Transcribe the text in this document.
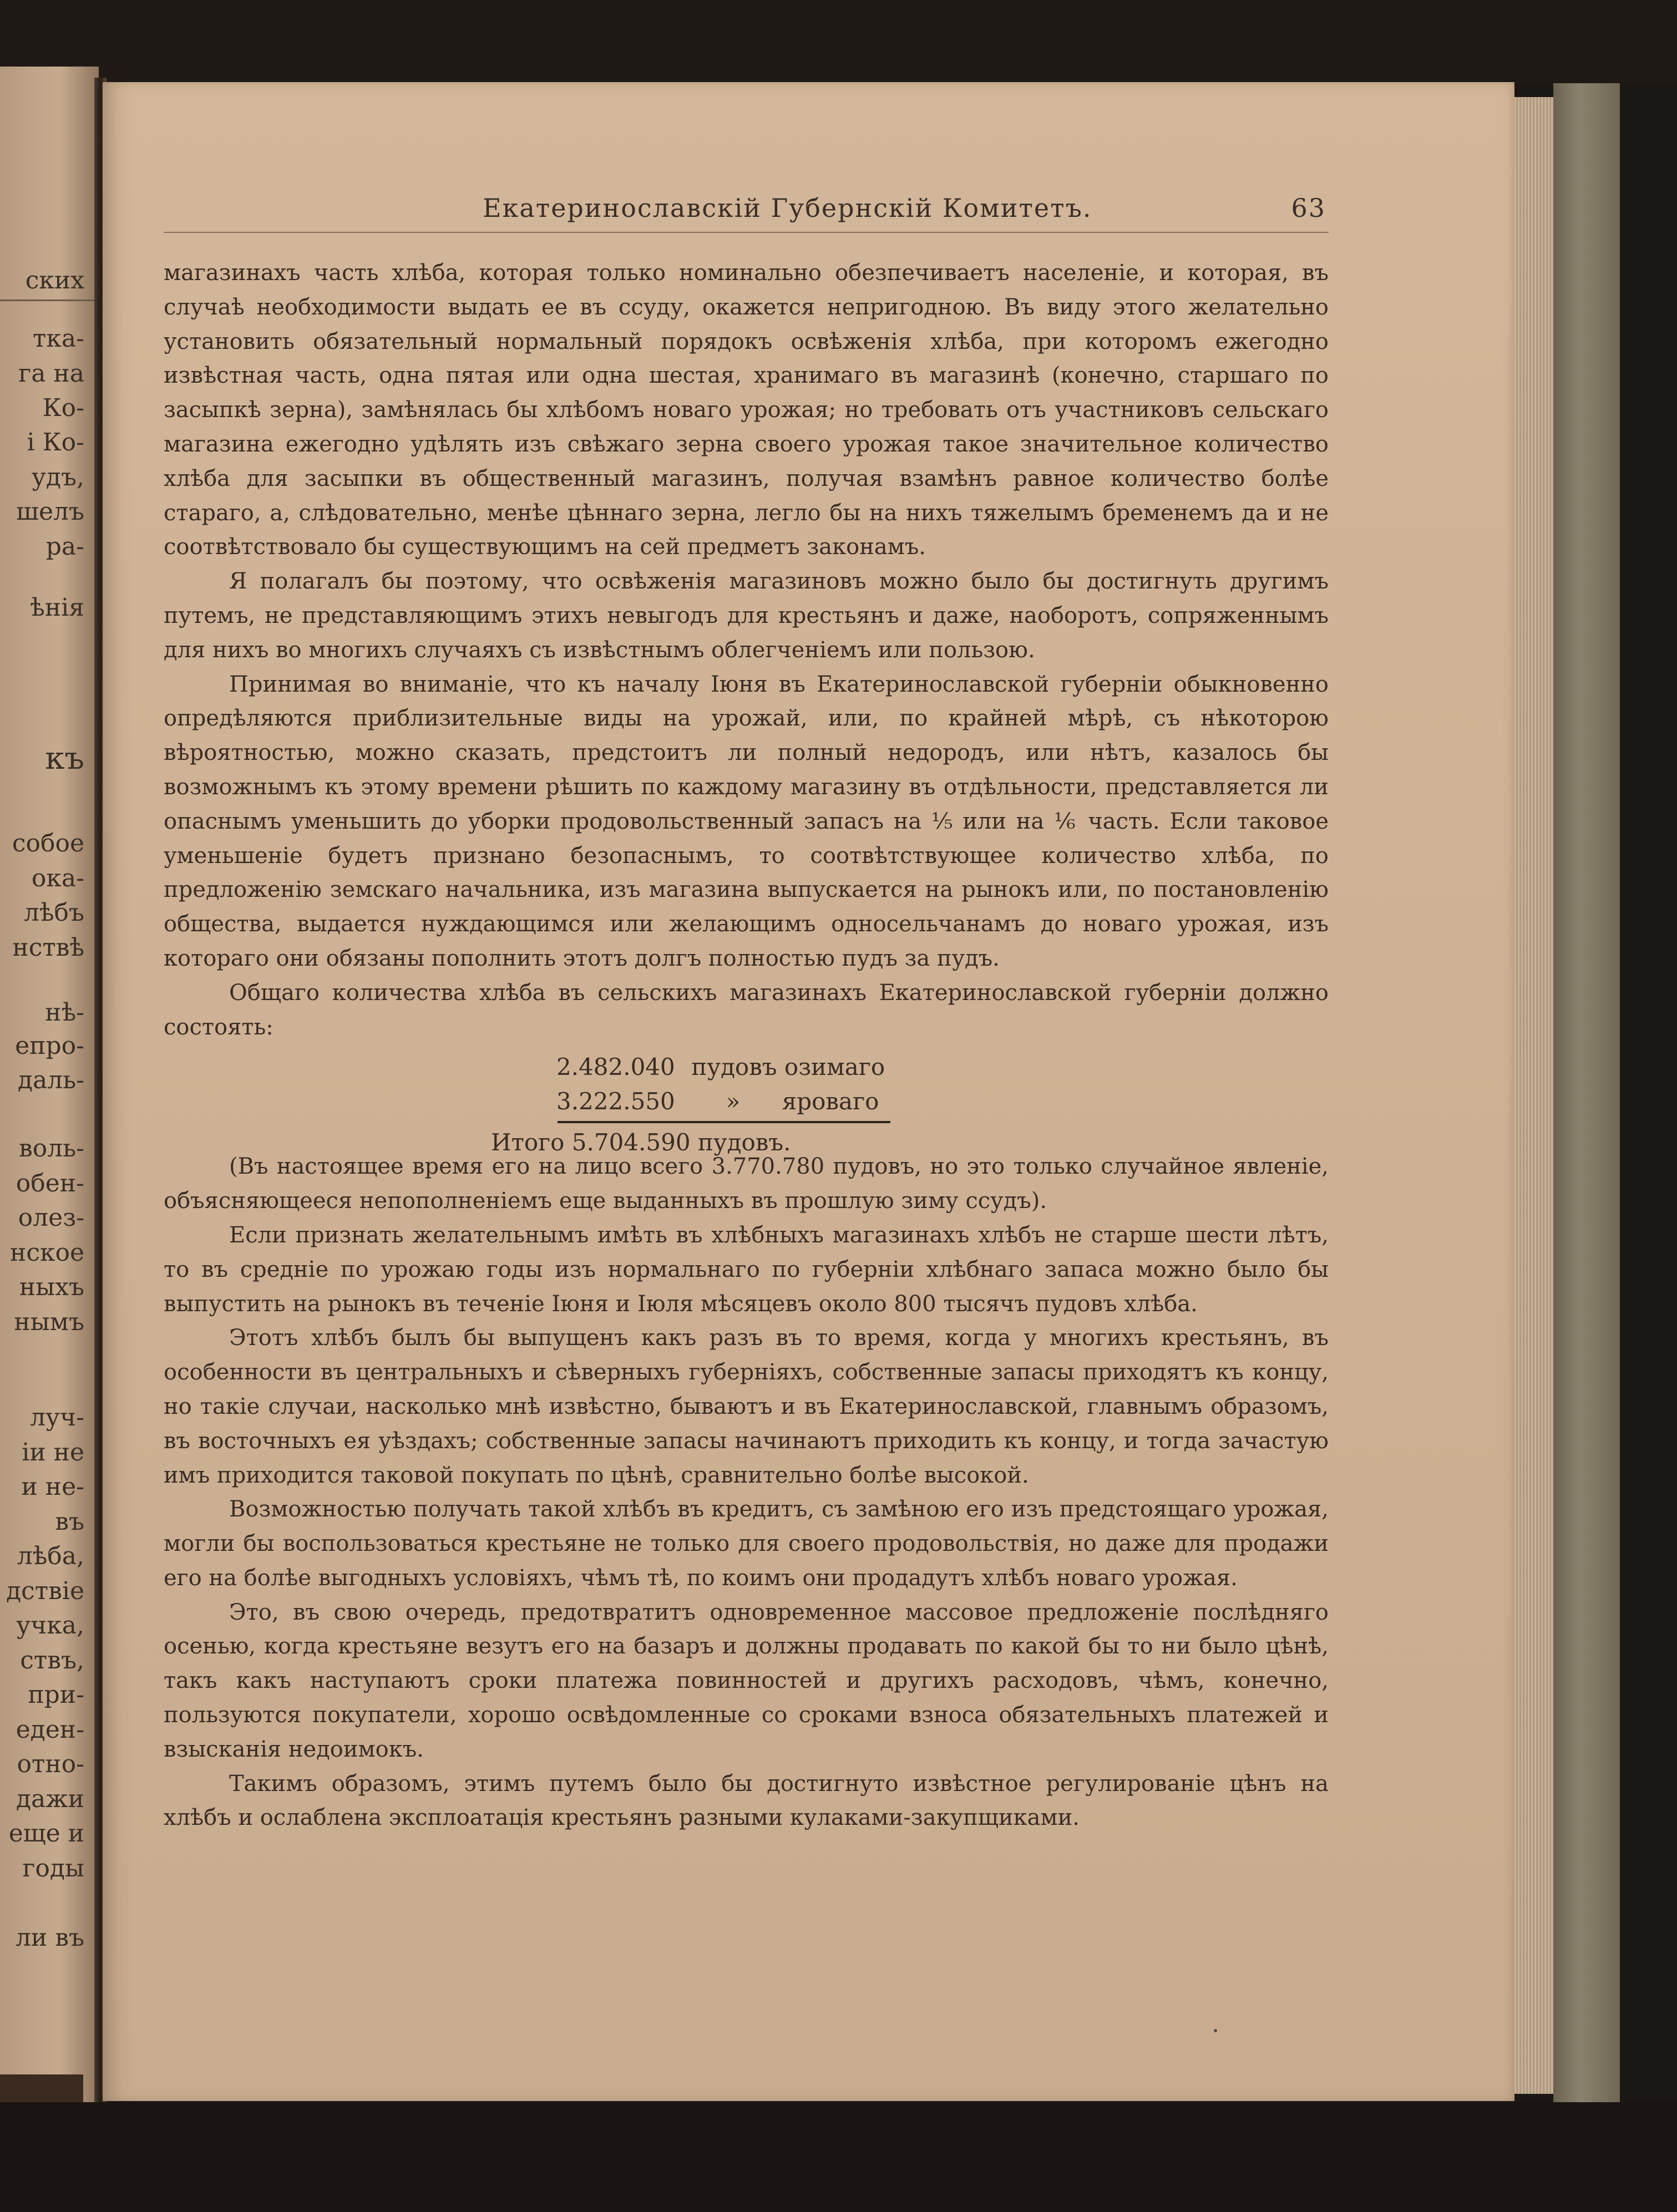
ских
тка-
га на
Ко-
і Ко-
удъ,
шелъ
ра-
ѣнія
къ
собое
ока-
лѣбъ
нствѣ
нѣ-
епро-
даль-
воль-
обен-
олез-
нское
ныхъ
нымъ
луч-
іи не
и не-
въ
лѣба,
дствіе
учка,
ствъ,
при-
еден-
отно-
дажи
еще и
годы
ли въ
Екатеринославскій Губернскій Комитетъ.	63

магазинахъ часть хлѣба, которая только номинально обезпечиваетъ населеніе, и которая, въ случаѣ необходимости выдать ее въ ссуду, окажется непригодною. Въ виду этого желательно установить обязательный нормальный порядокъ освѣженія хлѣба, при которомъ ежегодно извѣстная часть, одна пятая или одна шестая, хранимаго въ магазинѣ (конечно, старшаго по засыпкѣ зерна), замѣнялась бы хлѣбомъ новаго урожая; но требовать отъ участниковъ сельскаго магазина ежегодно удѣлять изъ свѣжаго зерна своего урожая такое значительное количество хлѣба для засыпки въ общественный магазинъ, получая взамѣнъ равное количество болѣе стараго, а, слѣдовательно, менѣе цѣннаго зерна, легло бы на нихъ тяжелымъ бременемъ да и не соотвѣтствовало бы существующимъ на сей предметъ законамъ.

Я полагалъ бы поэтому, что освѣженія магазиновъ можно было бы достигнуть другимъ путемъ, не представляющимъ этихъ невыгодъ для крестьянъ и даже, наоборотъ, сопряженнымъ для нихъ во многихъ случаяхъ съ извѣстнымъ облегченіемъ или пользою.

Принимая во вниманіе, что къ началу Іюня въ Екатеринославской губерніи обыкновенно опредѣляются приблизительные виды на урожай, или, по крайней мѣрѣ, съ нѣкоторою вѣроятностью, можно сказать, предстоитъ ли полный недородъ, или нѣтъ, казалось бы возможнымъ къ этому времени рѣшить по каждому магазину въ отдѣльности, представляется ли опаснымъ уменьшить до уборки продовольственный запасъ на ⅕ или на ⅙ часть. Если таковое уменьшеніе будетъ признано безопаснымъ, то соотвѣтствующее количество хлѣба, по предложенію земскаго начальника, изъ магазина выпускается на рынокъ или, по постановленію общества, выдается нуждающимся или желающимъ односельчанамъ до новаго урожая, изъ котораго они обязаны пополнить этотъ долгъ полностью пудъ за пудъ.

Общаго количества хлѣба въ сельскихъ магазинахъ Екатеринославской губерніи должно состоять:

2.482.040 пудовъ озимаго
3.222.550 » яроваго
Итого 5.704.590 пудовъ.

(Въ настоящее время его на лицо всего 3.770.780 пудовъ, но это только случайное явленіе, объясняющееся непополненіемъ еще выданныхъ въ прошлую зиму ссудъ).

Если признать желательнымъ имѣть въ хлѣбныхъ магазинахъ хлѣбъ не старше шести лѣтъ, то въ средніе по урожаю годы изъ нормальнаго по губерніи хлѣбнаго запаса можно было бы выпустить на рынокъ въ теченіе Іюня и Іюля мѣсяцевъ около 800 тысячъ пудовъ хлѣба.

Этотъ хлѣбъ былъ бы выпущенъ какъ разъ въ то время, когда у многихъ крестьянъ, въ особенности въ центральныхъ и сѣверныхъ губерніяхъ, собственные запасы приходятъ къ концу, но такіе случаи, насколько мнѣ извѣстно, бываютъ и въ Екатеринославской, главнымъ образомъ, въ восточныхъ ея уѣздахъ; собственные запасы начинаютъ приходить къ концу, и тогда зачастую имъ приходится таковой покупать по цѣнѣ, сравнительно болѣе высокой.

Возможностью получать такой хлѣбъ въ кредитъ, съ замѣною его изъ предстоящаго урожая, могли бы воспользоваться крестьяне не только для своего продовольствія, но даже для продажи его на болѣе выгодныхъ условіяхъ, чѣмъ тѣ, по коимъ они продадутъ хлѣбъ новаго урожая.

Это, въ свою очередь, предотвратитъ одновременное массовое предложеніе послѣдняго осенью, когда крестьяне везутъ его на базаръ и должны продавать по какой бы то ни было цѣнѣ, такъ какъ наступаютъ сроки платежа повинностей и другихъ расходовъ, чѣмъ, конечно, пользуются покупатели, хорошо освѣдомленные со сроками взноса обязательныхъ платежей и взысканія недоимокъ.

Такимъ образомъ, этимъ путемъ было бы достигнуто извѣстное регулированіе цѣнъ на хлѣбъ и ослаблена эксплоатація крестьянъ разными кулаками-закупщиками.
